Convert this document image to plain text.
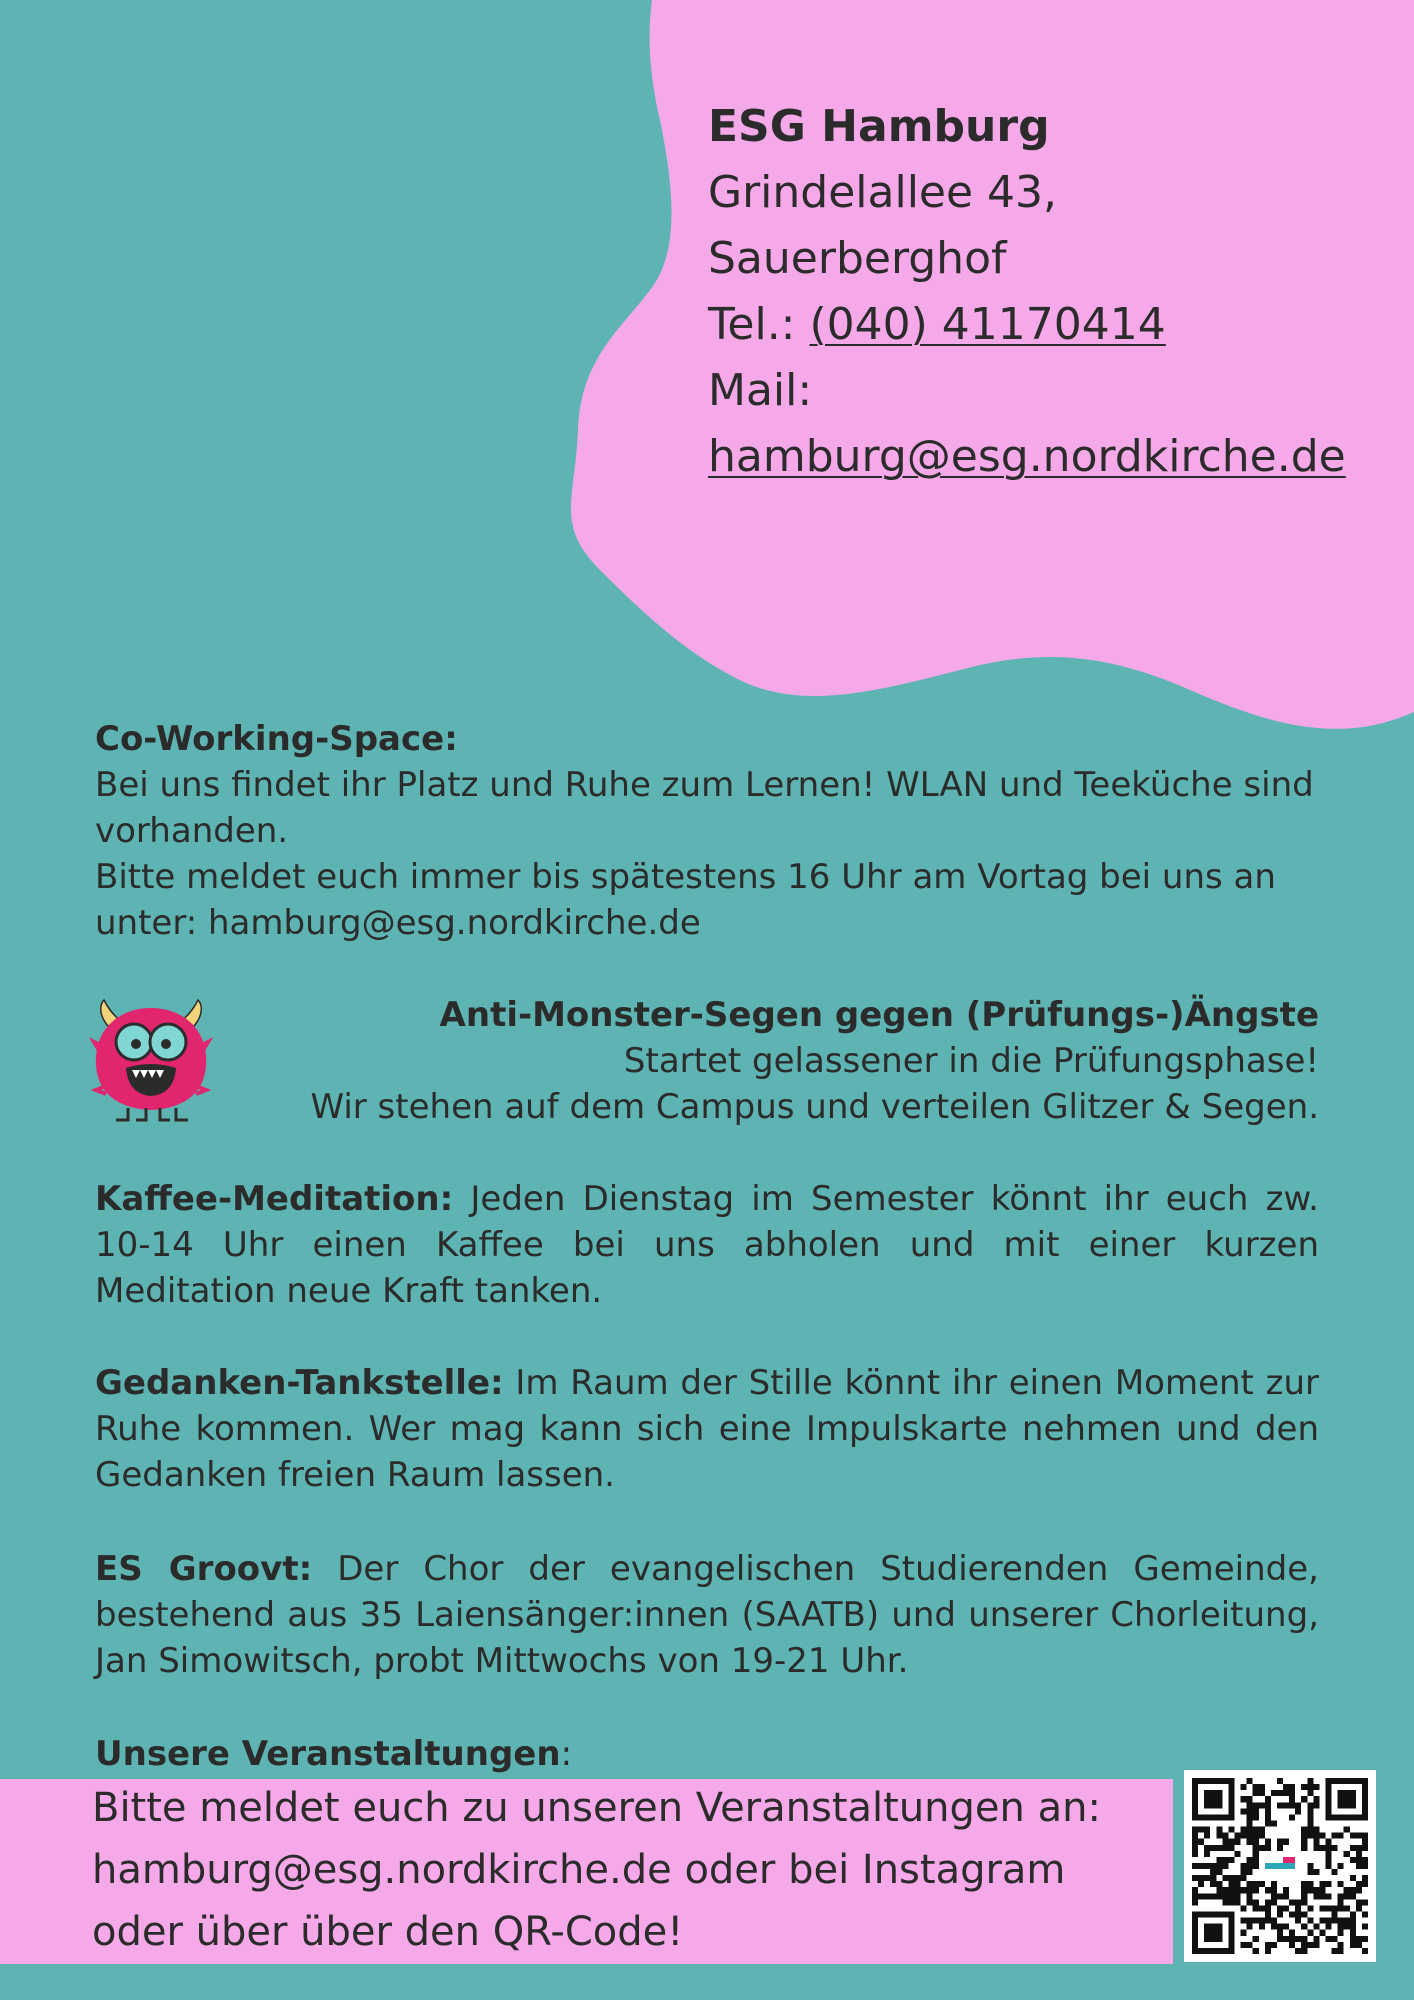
ESG Hamburg
Grindelallee 43,
Sauerberghof
Tel.: (040) 41170414
Mail:
hamburg@esg.nordkirche.de
Co-Working-Space:
Bei uns findet ihr Platz und Ruhe zum Lernen! WLAN und Teeküche sind vorhanden.
Bitte meldet euch immer bis spätestens 16 Uhr am Vortag bei uns an unter: hamburg@esg.nordkirche.de
Anti-Monster-Segen gegen (Prüfungs-)Ängste
Startet gelassener in die Prüfungsphase!
Wir stehen auf dem Campus und verteilen Glitzer & Segen.
Kaffee-Meditation: Jeden Dienstag im Semester könnt ihr euch zw. 10-14 Uhr einen Kaffee bei uns abholen und mit einer kurzen Meditation neue Kraft tanken.
Gedanken-Tankstelle: Im Raum der Stille könnt ihr einen Moment zur Ruhe kommen. Wer mag kann sich eine Impulskarte nehmen und den Gedanken freien Raum lassen.
ES Groovt: Der Chor der evangelischen Studierenden Gemeinde, bestehend aus 35 Laiensänger:innen (SAATB) und unserer Chorleitung, Jan Simowitsch, probt Mittwochs von 19-21 Uhr.
Unsere Veranstaltungen:
Bitte meldet euch zu unseren Veranstaltungen an:
hamburg@esg.nordkirche.de oder bei Instagram
oder über über den QR-Code!
